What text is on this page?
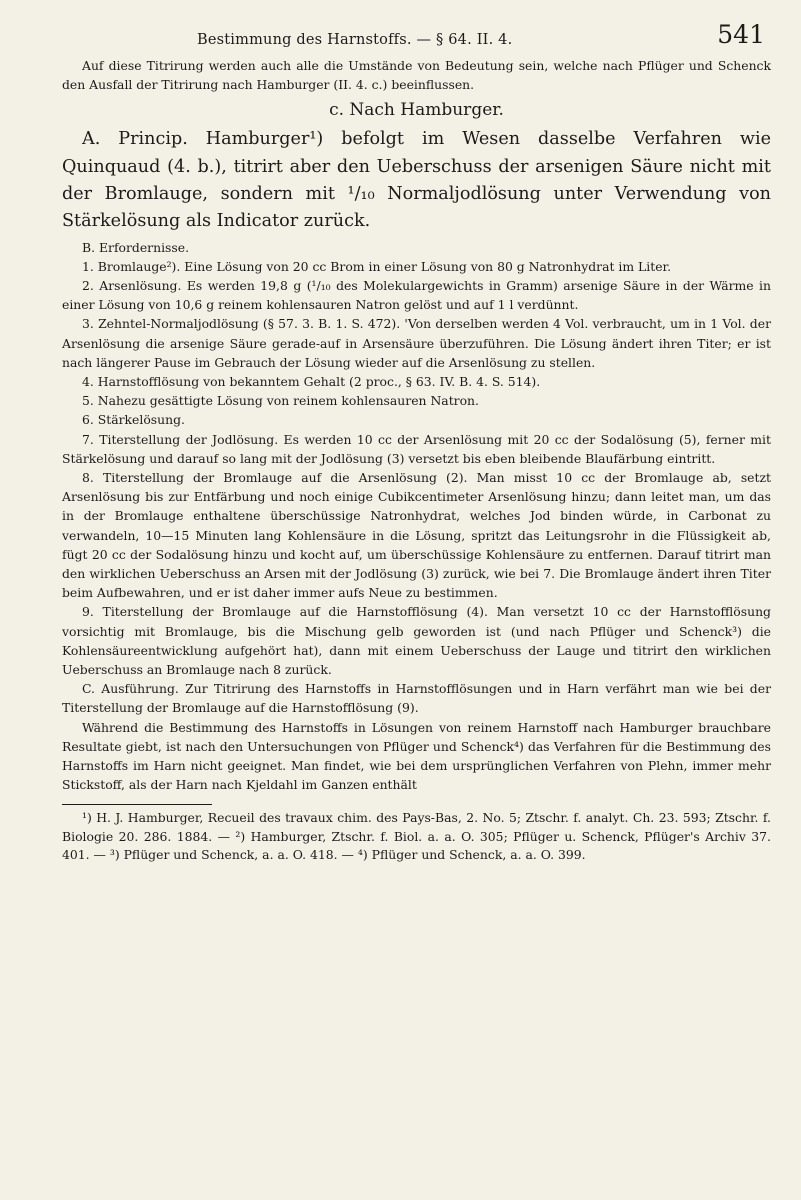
Bestimmung des Harnstoffs. — § 64. II. 4.	541

Auf diese Titrirung werden auch alle die Umstände von Bedeutung sein, welche nach Pflüger und Schenck den Ausfall der Titrirung nach Hamburger (II. 4. c.) beeinflussen.

c. Nach Hamburger.

A. Princip. Hamburger¹) befolgt im Wesen dasselbe Verfahren wie Quinquaud (4. b.), titrirt aber den Ueberschuss der arsenigen Säure nicht mit der Bromlauge, sondern mit ¹/₁₀ Normaljodlösung unter Verwendung von Stärkelösung als Indicator zurück.

B. Erfordernisse.

1. Bromlauge²). Eine Lösung von 20 cc Brom in einer Lösung von 80 g Natronhydrat im Liter.

2. Arsenlösung. Es werden 19,8 g (¹/₁₀ des Molekulargewichts in Gramm) arsenige Säure in der Wärme in einer Lösung von 10,6 g reinem kohlensauren Natron gelöst und auf 1 l verdünnt.

3. Zehntel-Normaljodlösung (§ 57. 3. B. 1. S. 472). 'Von derselben werden 4 Vol. verbraucht, um in 1 Vol. der Arsenlösung die arsenige Säure gerade-auf in Arsensäure überzuführen. Die Lösung ändert ihren Titer; er ist nach längerer Pause im Gebrauch der Lösung wieder auf die Arsenlösung zu stellen.

4. Harnstofflösung von bekanntem Gehalt (2 proc., § 63. IV. B. 4. S. 514).

5. Nahezu gesättigte Lösung von reinem kohlensauren Natron.

6. Stärkelösung.

7. Titerstellung der Jodlösung. Es werden 10 cc der Arsenlösung mit 20 cc der Sodalösung (5), ferner mit Stärkelösung und darauf so lang mit der Jodlösung (3) versetzt bis eben bleibende Blaufärbung eintritt.

8. Titerstellung der Bromlauge auf die Arsenlösung (2). Man misst 10 cc der Bromlauge ab, setzt Arsenlösung bis zur Entfärbung und noch einige Cubikcentimeter Arsenlösung hinzu; dann leitet man, um das in der Bromlauge enthaltene überschüssige Natronhydrat, welches Jod binden würde, in Carbonat zu verwandeln, 10—15 Minuten lang Kohlensäure in die Lösung, spritzt das Leitungsrohr in die Flüssigkeit ab, fügt 20 cc der Sodalösung hinzu und kocht auf, um überschüssige Kohlensäure zu entfernen. Darauf titrirt man den wirklichen Ueberschuss an Arsen mit der Jodlösung (3) zurück, wie bei 7. Die Bromlauge ändert ihren Titer beim Aufbewahren, und er ist daher immer aufs Neue zu bestimmen.

9. Titerstellung der Bromlauge auf die Harnstofflösung (4). Man versetzt 10 cc der Harnstofflösung vorsichtig mit Bromlauge, bis die Mischung gelb geworden ist (und nach Pflüger und Schenck³) die Kohlensäureentwicklung aufgehört hat), dann mit einem Ueberschuss der Lauge und titrirt den wirklichen Ueberschuss an Bromlauge nach 8 zurück.

C. Ausführung. Zur Titrirung des Harnstoffs in Harnstofflösungen und in Harn verfährt man wie bei der Titerstellung der Bromlauge auf die Harnstofflösung (9).

Während die Bestimmung des Harnstoffs in Lösungen von reinem Harnstoff nach Hamburger brauchbare Resultate giebt, ist nach den Untersuchungen von Pflüger und Schenck⁴) das Verfahren für die Bestimmung des Harnstoffs im Harn nicht geeignet. Man findet, wie bei dem ursprünglichen Verfahren von Plehn, immer mehr Stickstoff, als der Harn nach Kjeldahl im Ganzen enthält

¹) H. J. Hamburger, Recueil des travaux chim. des Pays-Bas, 2. No. 5; Ztschr. f. analyt. Ch. 23. 593; Ztschr. f. Biologie 20. 286. 1884. — ²) Hamburger, Ztschr. f. Biol. a. a. O. 305; Pflüger u. Schenck, Pflüger's Archiv 37. 401. — ³) Pflüger und Schenck, a. a. O. 418. — ⁴) Pflüger und Schenck, a. a. O. 399.
